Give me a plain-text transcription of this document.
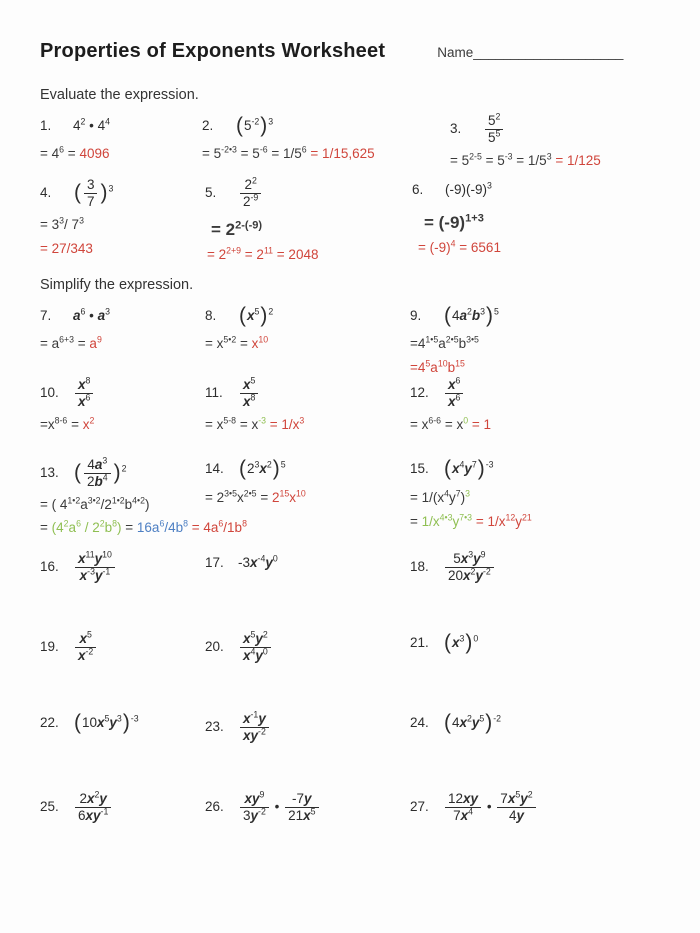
Properties of Exponents Worksheet	Name____________________
Evaluate the expression.
1.	$4^2$ • $4^4$
= $4^6 = 4096$
2.	$(5^{-2})^3$
= $5^{-2•3} = 5^{-6} = 1/5^6 = 1/15,625$
3.	$\frac{5^2}{5^5}$
= $5^{2-5} = 5^{-3} = 1/5^3 = 1/125$
4.	( $\frac{3}{7} )^3$
= $3^3/$ $7^3$
= 27/343
5.	$\frac{2^2}{2^{-9}}$
= $2^{2-(-9)}$
= $2^{2+9} = 2^{11} = 2048$
6.	$(-9)(-9)^3$
= $(-9)^{1+3}$
= $(-9)^4 = 6561$
Simplify the expression.
7.	$a^6$ • $a^3$
= $a^{6+3} = a^9$
8.	$(x^5)^2$
= $x^{5•2} = x^{10}$
9.	$(4a^2b^3)^5$
$=4^{1•5}a^{2•5}b^{3•5}$
$=4^5a^{10}b^{15}$
10.	$\frac{x^8}{x^6}$
$=x^{8-6} = x^2$
11.	$\frac{x^5}{x^8}$
= $x^{5-8} = x^{-3} = 1/x^3$
12.	$\frac{x^6}{x^6}$
= $x^{6-6} = x^0 = 1$
13. ( $\frac{4a^3}{2b^4} )^2$
= ( $4^{1•2}a^{3•2}/2^{1•2}b^{4•2}$)
= $(4^2a^6 / 2^2b^8) = 16a^6/4b^8 = 4a^6/1b^8$
14. $(2^3x^2)^5$
= $2^{3•5}x^{2•5} = 2^{15}x^{10}$
15. $(x^4y^7)^{-3}$
= $1/(x^4y^7)^3$
= $1/x^{4•3}y^{7•3} = 1/x^{12}y^{21}$
16.	$\frac{x^{11}y^{10}}{x^{-3}y^{-1}}$	17.	$-3x^{-4}y^0$	18.	$\frac{5x^3y^9}{20x^2y^{-2}}$
19.	$\frac{x^5}{x^{-2}}$	20.	$\frac{x^5y^2}{x^4y^0}$	21. $(x^3)^0$
22. $(10x^5y^3)^{-3}$	23.	$\frac{x^{-1}y}{xy^{-2}}$	24. $(4x^2y^5)^{-2}$
25.	$\frac{2x^2y}{6xy^{-1}}$	26.	$\frac{xy^9}{3y^{-2}}$ • $\frac{-7y}{21x^5}$	27.	$\frac{12xy}{7x^4}$ • $\frac{7x^5y^2}{4y}$
